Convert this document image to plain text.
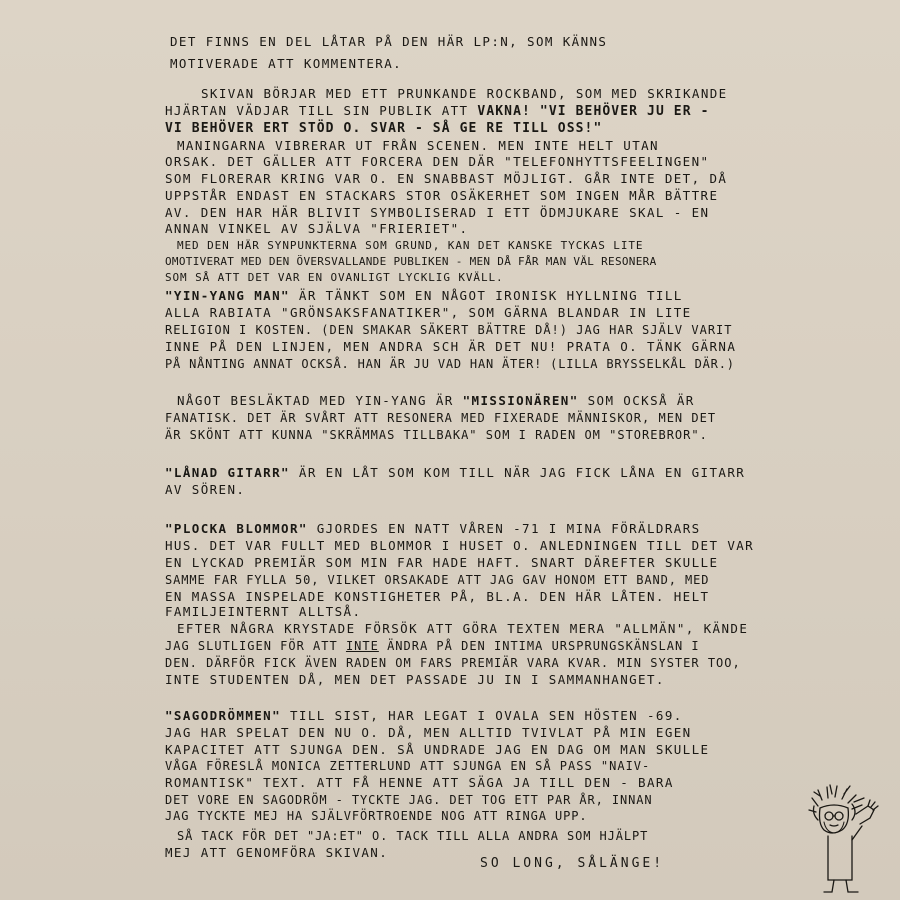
DET FINNS EN DEL LÅTAR PÅ DEN HÄR LP:N, SOM KÄNNS
MOTIVERADE ATT KOMMENTERA.
SKIVAN BÖRJAR MED ETT PRUNKANDE ROCKBAND, SOM MED SKRIKANDE
HJÄRTAN VÄDJAR TILL SIN PUBLIK ATT VAKNA! "VI BEHÖVER JU ER -
VI BEHÖVER ERT STÖD O. SVAR - SÅ GE RE TILL OSS!"
MANINGARNA VIBRERAR UT FRÅN SCENEN. MEN INTE HELT UTAN
ORSAK. DET GÄLLER ATT FORCERA DEN DÄR "TELEFONHYTTSFEELINGEN"
SOM FLORERAR KRING VAR O. EN SNABBAST MÖJLIGT. GÅR INTE DET, DÅ
UPPSTÅR ENDAST EN STACKARS STOR OSÄKERHET SOM INGEN MÅR BÄTTRE
AV. DEN HAR HÄR BLIVIT SYMBOLISERAD I ETT ÖDMJUKARE SKAL - EN
ANNAN VINKEL AV SJÄLVA "FRIERIET".
MED DEN HÄR SYNPUNKTERNA SOM GRUND, KAN DET KANSKE TYCKAS LITE
OMOTIVERAT MED DEN ÖVERSVALLANDE PUBLIKEN - MEN DÅ FÅR MAN VÄL RESONERA
SOM SÅ ATT DET VAR EN OVANLIGT LYCKLIG KVÄLL.
"YIN-YANG MAN" ÄR TÄNKT SOM EN NÅGOT IRONISK HYLLNING TILL
ALLA RABIATA "GRÖNSAKSFANATIKER", SOM GÄRNA BLANDAR IN LITE
RELIGION I KOSTEN. (DEN SMAKAR SÄKERT BÄTTRE DÅ!) JAG HAR SJÄLV VARIT
INNE PÅ DEN LINJEN, MEN ANDRA SCH ÄR DET NU! PRATA O. TÄNK GÄRNA
PÅ NÅNTING ANNAT OCKSÅ. HAN ÄR JU VAD HAN ÄTER! (LILLA BRYSSELKÅL DÄR.)
NÅGOT BESLÄKTAD MED YIN-YANG ÄR "MISSIONÄREN" SOM OCKSÅ ÄR
FANATISK. DET ÄR SVÅRT ATT RESONERA MED FIXERADE MÄNNISKOR, MEN DET
ÄR SKÖNT ATT KUNNA "SKRÄMMAS TILLBAKA" SOM I RADEN OM "STOREBROR".
"LÅNAD GITARR" ÄR EN LÅT SOM KOM TILL NÄR JAG FICK LÅNA EN GITARR
AV SÖREN.
"PLOCKA BLOMMOR" GJORDES EN NATT VÅREN -71 I MINA FÖRÄLDRARS
HUS. DET VAR FULLT MED BLOMMOR I HUSET O. ANLEDNINGEN TILL DET VAR
EN LYCKAD PREMIÄR SOM MIN FAR HADE HAFT. SNART DÄREFTER SKULLE
SAMME FAR FYLLA 50, VILKET ORSAKADE ATT JAG GAV HONOM ETT BAND, MED
EN MASSA INSPELADE KONSTIGHETER PÅ, BL.A. DEN HÄR LÅTEN. HELT
FAMILJEINTERNT ALLTSÅ.
EFTER NÅGRA KRYSTADE FÖRSÖK ATT GÖRA TEXTEN MERA "ALLMÄN", KÄNDE
JAG SLUTLIGEN FÖR ATT INTE ÄNDRA PÅ DEN INTIMA URSPRUNGSKÄNSLAN I
DEN. DÄRFÖR FICK ÄVEN RADEN OM FARS PREMIÄR VARA KVAR. MIN SYSTER TOO,
INTE STUDENTEN DÅ, MEN DET PASSADE JU IN I SAMMANHANGET.
"SAGODRÖMMEN" TILL SIST, HAR LEGAT I OVALA SEN HÖSTEN -69.
JAG HAR SPELAT DEN NU O. DÅ, MEN ALLTID TVIVLAT PÅ MIN EGEN
KAPACITET ATT SJUNGA DEN. SÅ UNDRADE JAG EN DAG OM MAN SKULLE
VÅGA FÖRESLÅ MONICA ZETTERLUND ATT SJUNGA EN SÅ PASS "NAIV-
ROMANTISK" TEXT. ATT FÅ HENNE ATT SÄGA JA TILL DEN - BARA
DET VORE EN SAGODRÖM - TYCKTE JAG. DET TOG ETT PAR ÅR, INNAN
JAG TYCKTE MEJ HA SJÄLVFÖRTROENDE NOG ATT RINGA UPP.
SÅ TACK FÖR DET "JA:ET" O. TACK TILL ALLA ANDRA SOM HJÄLPT
MEJ ATT GENOMFÖRA SKIVAN.
SO LONG, SÅLÄNGE!
